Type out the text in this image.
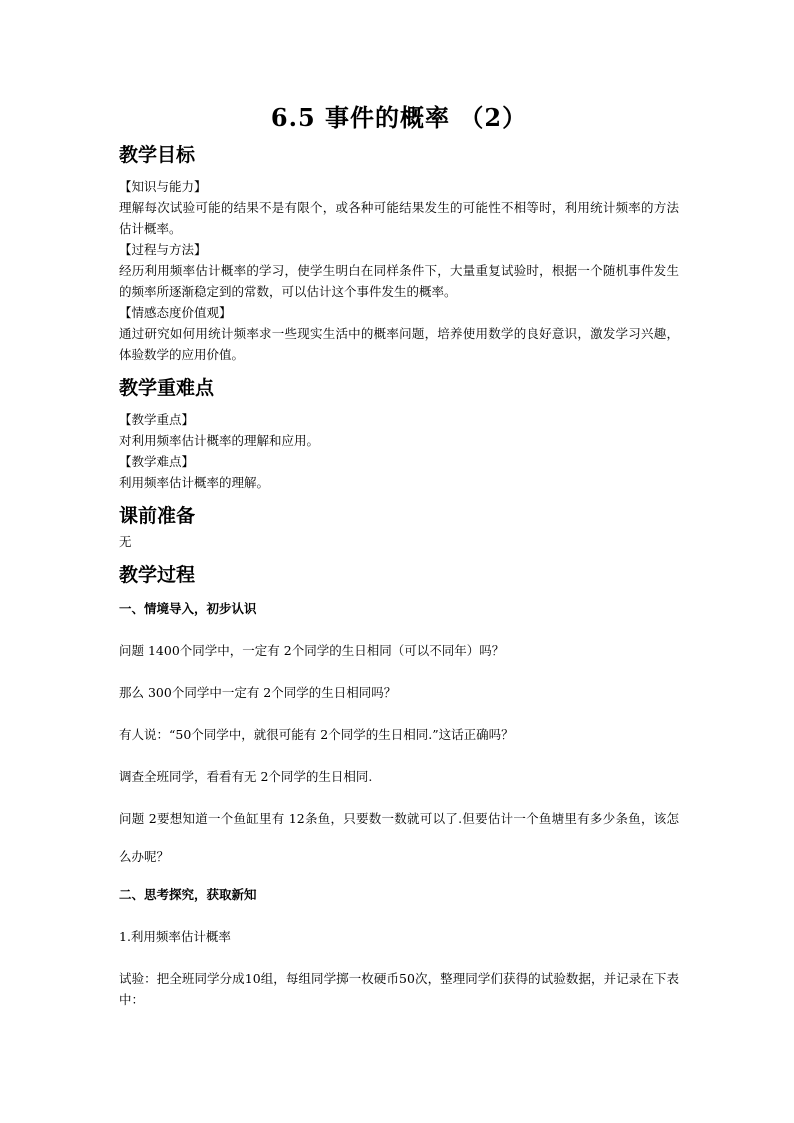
6.5 事件的概率 （2）
教学目标

【知识与能力】

理解每次试验可能的结果不是有限个，或各种可能结果发生的可能性不相等时，利用统计频率的方法估计概率。

【过程与方法】

经历利用频率估计概率的学习，使学生明白在同样条件下，大量重复试验时，根据一个随机事件发生的频率所逐渐稳定到的常数，可以估计这个事件发生的概率。

【情感态度价值观】

通过研究如何用统计频率求一些现实生活中的概率问题，培养使用数学的良好意识，激发学习兴趣，体验数学的应用价值。

教学重难点

【教学重点】

对利用频率估计概率的理解和应用。

【教学难点】

利用频率估计概率的理解。

课前准备

无

教学过程

一、情境导入，初步认识

问题 1400个同学中，一定有 2个同学的生日相同（可以不同年）吗？

那么 300个同学中一定有 2个同学的生日相同吗？

有人说：“50个同学中，就很可能有 2个同学的生日相同.”这话正确吗？

调查全班同学，看看有无 2个同学的生日相同.

问题 2要想知道一个鱼缸里有 12条鱼，只要数一数就可以了.但要估计一个鱼塘里有多少条鱼，该怎么办呢？

二、思考探究，获取新知

1.利用频率估计概率

试验：把全班同学分成10组，每组同学掷一枚硬币50次，整理同学们获得的试验数据，并记录在下表中：
